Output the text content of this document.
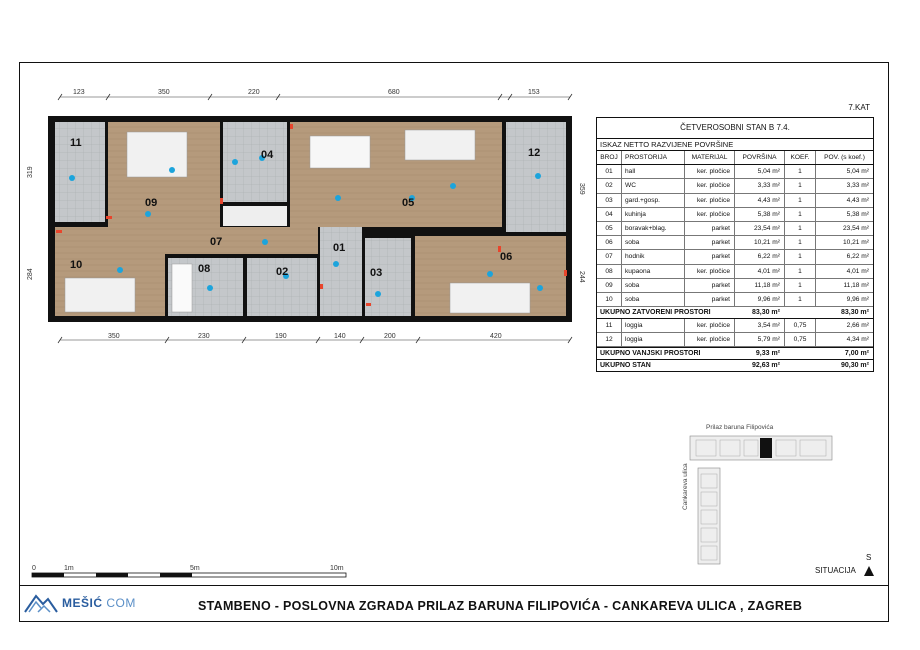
7.KAT
123	350	220	680	153
11
09
04
05
12
10
07
08	02
01
03
06
319
284
359
244
350	230	190	140	200	420
ČETVEROSOBNI STAN B 7.4.
ISKAZ NETTO RAZVIJENE POVRŠINE
BROJ	PROSTORIJA	MATERIJAL	POVRŠINA	KOEF.	POV. (s koef.)
01	hall	ker. pločice	5,04 m²	1	5,04 m²
02	WC	ker. pločice	3,33 m²	1	3,33 m²
03	gard.+gosp.	ker. pločice	4,43 m²	1	4,43 m²
04	kuhinja	ker. pločice	5,38 m²	1	5,38 m²
05	boravak+blag.	parket	23,54 m²	1	23,54 m²
06	soba	parket	10,21 m²	1	10,21 m²
07	hodnik	parket	6,22 m²	1	6,22 m²
08	kupaona	ker. pločice	4,01 m²	1	4,01 m²
09	soba	parket	11,18 m²	1	11,18 m²
10	soba	parket	9,96 m²	1	9,96 m²
UKUPNO ZATVORENI PROSTORI	83,30 m²	83,30 m²
11	loggia	ker. pločice	3,54 m²	0,75	2,66 m²
12	loggia	ker. pločice	5,79 m²	0,75	4,34 m²
UKUPNO VANJSKI PROSTORI	9,33 m²	7,00 m²
UKUPNO STAN	92,63 m²	90,30 m²
0	1m	5m	10m
Prilaz baruna Filipovića
Cankareva ulica
S
SITUACIJA
MEŠIĆ COM	STAMBENO - POSLOVNA ZGRADA PRILAZ BARUNA FILIPOVIĆA - CANKAREVA ULICA , ZAGREB
